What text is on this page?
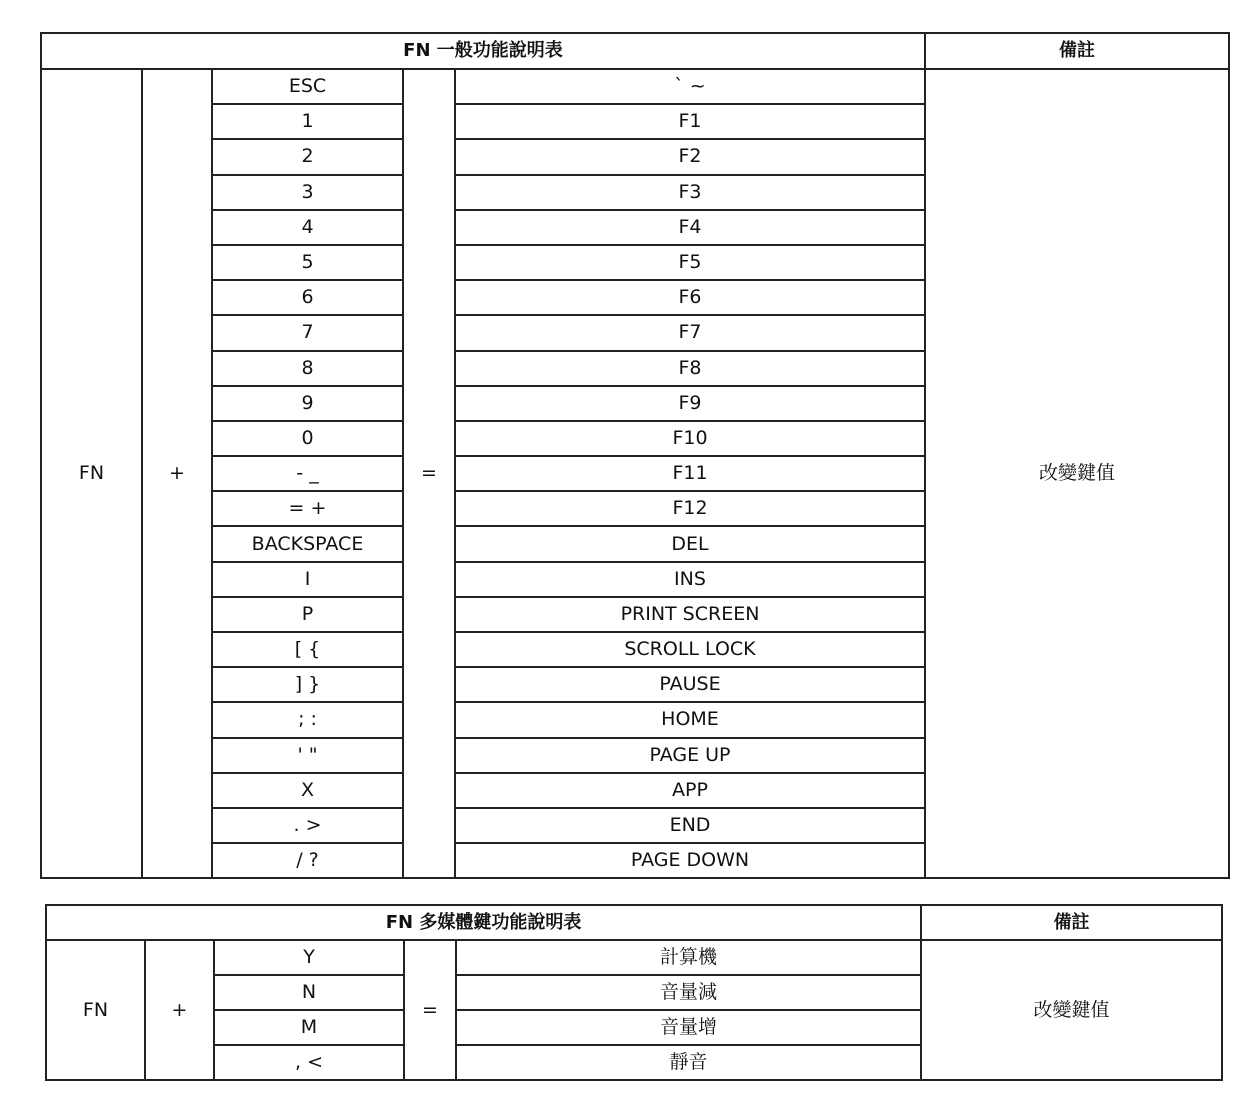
FN 一般功能說明表					備註
FN	+	ESC	=	` ~	改變鍵值
		1		F1	
		2		F2	
		3		F3	
		4		F4	
		5		F5	
		6		F6	
		7		F7	
		8		F8	
		9		F9	
		0		F10	
		- _		F11	
		= +		F12	
		BACKSPACE		DEL	
		I		INS	
		P		PRINT SCREEN	
		[ {		SCROLL LOCK	
		] }		PAUSE	
		; :		HOME	
		' "		PAGE UP	
		X		APP	
		. >		END	
		/ ?		PAGE DOWN	
FN 多媒體鍵功能說明表					備註
FN	+	Y	=	計算機	改變鍵值
		N		音量減	
		M		音量增	
		, <		靜音	
